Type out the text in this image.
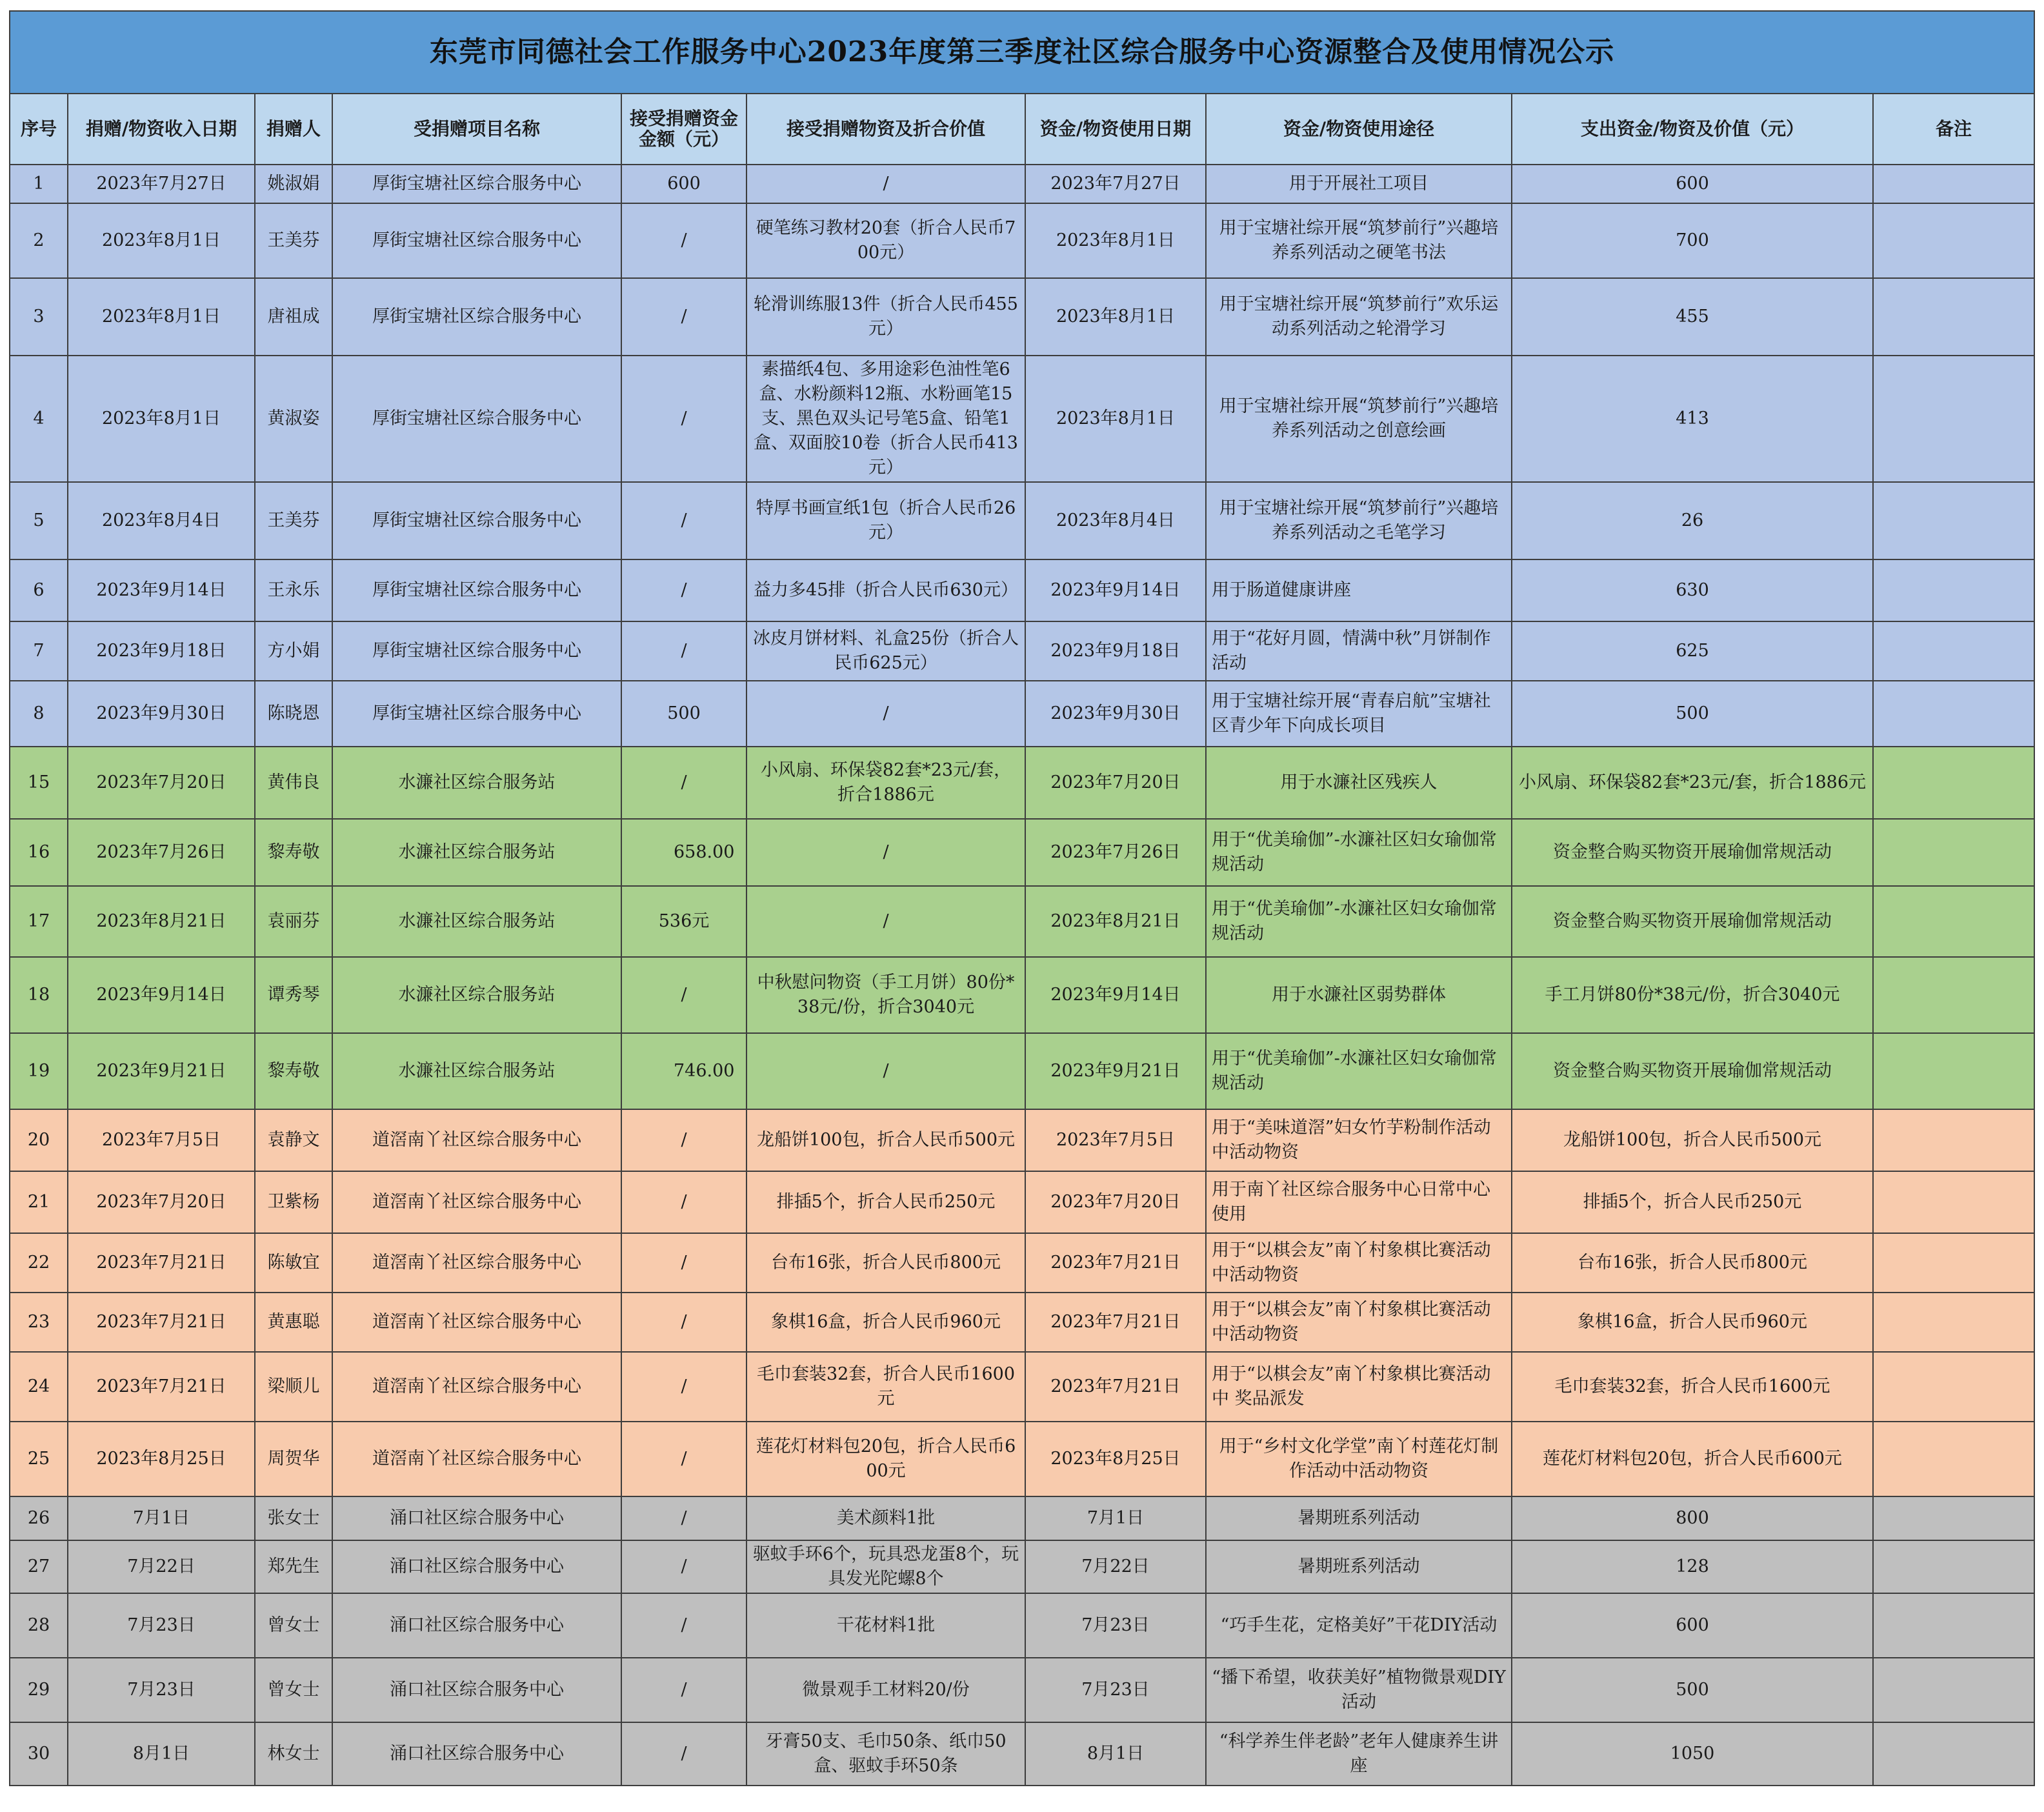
东莞市同德社会工作服务中心2023年度第三季度社区综合服务中心资源整合及使用情况公示									
序号	捐赠/物资收入日期	捐赠人	受捐赠项目名称	接受捐赠资金金额（元）	接受捐赠物资及折合价值	资金/物资使用日期	资金/物资使用途径	支出资金/物资及价值（元）	备注
1	2023年7月27日	姚淑娟	厚街宝塘社区综合服务中心	600	/	2023年7月27日	用于开展社工项目	600	
2	2023年8月1日	王美芬	厚街宝塘社区综合服务中心	/	硬笔练习教材20套（折合人民币700元）	2023年8月1日	用于宝塘社综开展“筑梦前行”兴趣培养系列活动之硬笔书法	700	
3	2023年8月1日	唐祖成	厚街宝塘社区综合服务中心	/	轮滑训练服13件（折合人民币455元）	2023年8月1日	用于宝塘社综开展“筑梦前行”欢乐运动系列活动之轮滑学习	455	
4	2023年8月1日	黄淑姿	厚街宝塘社区综合服务中心	/	素描纸4包、多用途彩色油性笔6盒、水粉颜料12瓶、水粉画笔15支、黑色双头记号笔5盒、铅笔1盒、双面胶10卷（折合人民币413元）	2023年8月1日	用于宝塘社综开展“筑梦前行”兴趣培养系列活动之创意绘画	413	
5	2023年8月4日	王美芬	厚街宝塘社区综合服务中心	/	特厚书画宣纸1包（折合人民币26元）	2023年8月4日	用于宝塘社综开展“筑梦前行”兴趣培养系列活动之毛笔学习	26	
6	2023年9月14日	王永乐	厚街宝塘社区综合服务中心	/	益力多45排（折合人民币630元）	2023年9月14日	用于肠道健康讲座	630	
7	2023年9月18日	方小娟	厚街宝塘社区综合服务中心	/	冰皮月饼材料、礼盒25份（折合人民币625元）	2023年9月18日	用于“花好月圆，情满中秋”月饼制作活动	625	
8	2023年9月30日	陈晓恩	厚街宝塘社区综合服务中心	500	/	2023年9月30日	用于宝塘社综开展“青春启航”宝塘社区青少年下向成长项目	500	
15	2023年7月20日	黄伟良	水濂社区综合服务站	/	小风扇、环保袋82套*23元/套，折合1886元	2023年7月20日	用于水濂社区残疾人	小风扇、环保袋82套*23元/套，折合1886元	
16	2023年7月26日	黎寿敬	水濂社区综合服务站	658.00	/	2023年7月26日	用于“优美瑜伽”-水濂社区妇女瑜伽常规活动	资金整合购买物资开展瑜伽常规活动	
17	2023年8月21日	袁丽芬	水濂社区综合服务站	536元	/	2023年8月21日	用于“优美瑜伽”-水濂社区妇女瑜伽常规活动	资金整合购买物资开展瑜伽常规活动	
18	2023年9月14日	谭秀琴	水濂社区综合服务站	/	中秋慰问物资（手工月饼）80份*38元/份，折合3040元	2023年9月14日	用于水濂社区弱势群体	手工月饼80份*38元/份，折合3040元	
19	2023年9月21日	黎寿敬	水濂社区综合服务站	746.00	/	2023年9月21日	用于“优美瑜伽”-水濂社区妇女瑜伽常规活动	资金整合购买物资开展瑜伽常规活动	
20	2023年7月5日	袁静文	道滘南丫社区综合服务中心	/	龙船饼100包，折合人民币500元	2023年7月5日	用于“美味道滘”妇女竹芋粉制作活动中活动物资	龙船饼100包，折合人民币500元	
21	2023年7月20日	卫紫杨	道滘南丫社区综合服务中心	/	排插5个，折合人民币250元	2023年7月20日	用于南丫社区综合服务中心日常中心使用	排插5个，折合人民币250元	
22	2023年7月21日	陈敏宜	道滘南丫社区综合服务中心	/	台布16张，折合人民币800元	2023年7月21日	用于“以棋会友”南丫村象棋比赛活动中活动物资	台布16张，折合人民币800元	
23	2023年7月21日	黄惠聪	道滘南丫社区综合服务中心	/	象棋16盒，折合人民币960元	2023年7月21日	用于“以棋会友”南丫村象棋比赛活动中活动物资	象棋16盒，折合人民币960元	
24	2023年7月21日	梁顺儿	道滘南丫社区综合服务中心	/	毛巾套装32套，折合人民币1600元	2023年7月21日	用于“以棋会友”南丫村象棋比赛活动中 奖品派发	毛巾套装32套，折合人民币1600元	
25	2023年8月25日	周贺华	道滘南丫社区综合服务中心	/	莲花灯材料包20包，折合人民币600元	2023年8月25日	用于“乡村文化学堂”南丫村莲花灯制作活动中活动物资	莲花灯材料包20包，折合人民币600元	
26	7月1日	张女士	涌口社区综合服务中心	/	美术颜料1批	7月1日	暑期班系列活动	800	
27	7月22日	郑先生	涌口社区综合服务中心	/	驱蚊手环6个，玩具恐龙蛋8个，玩具发光陀螺8个	7月22日	暑期班系列活动	128	
28	7月23日	曾女士	涌口社区综合服务中心	/	干花材料1批	7月23日	“巧手生花，定格美好”干花DIY活动	600	
29	7月23日	曾女士	涌口社区综合服务中心	/	微景观手工材料20/份	7月23日	“播下希望，收获美好”植物微景观DIY活动	500	
30	8月1日	林女士	涌口社区综合服务中心	/	牙膏50支、毛巾50条、纸巾50盒、驱蚊手环50条	8月1日	“科学养生伴老龄”老年人健康养生讲座	1050	
